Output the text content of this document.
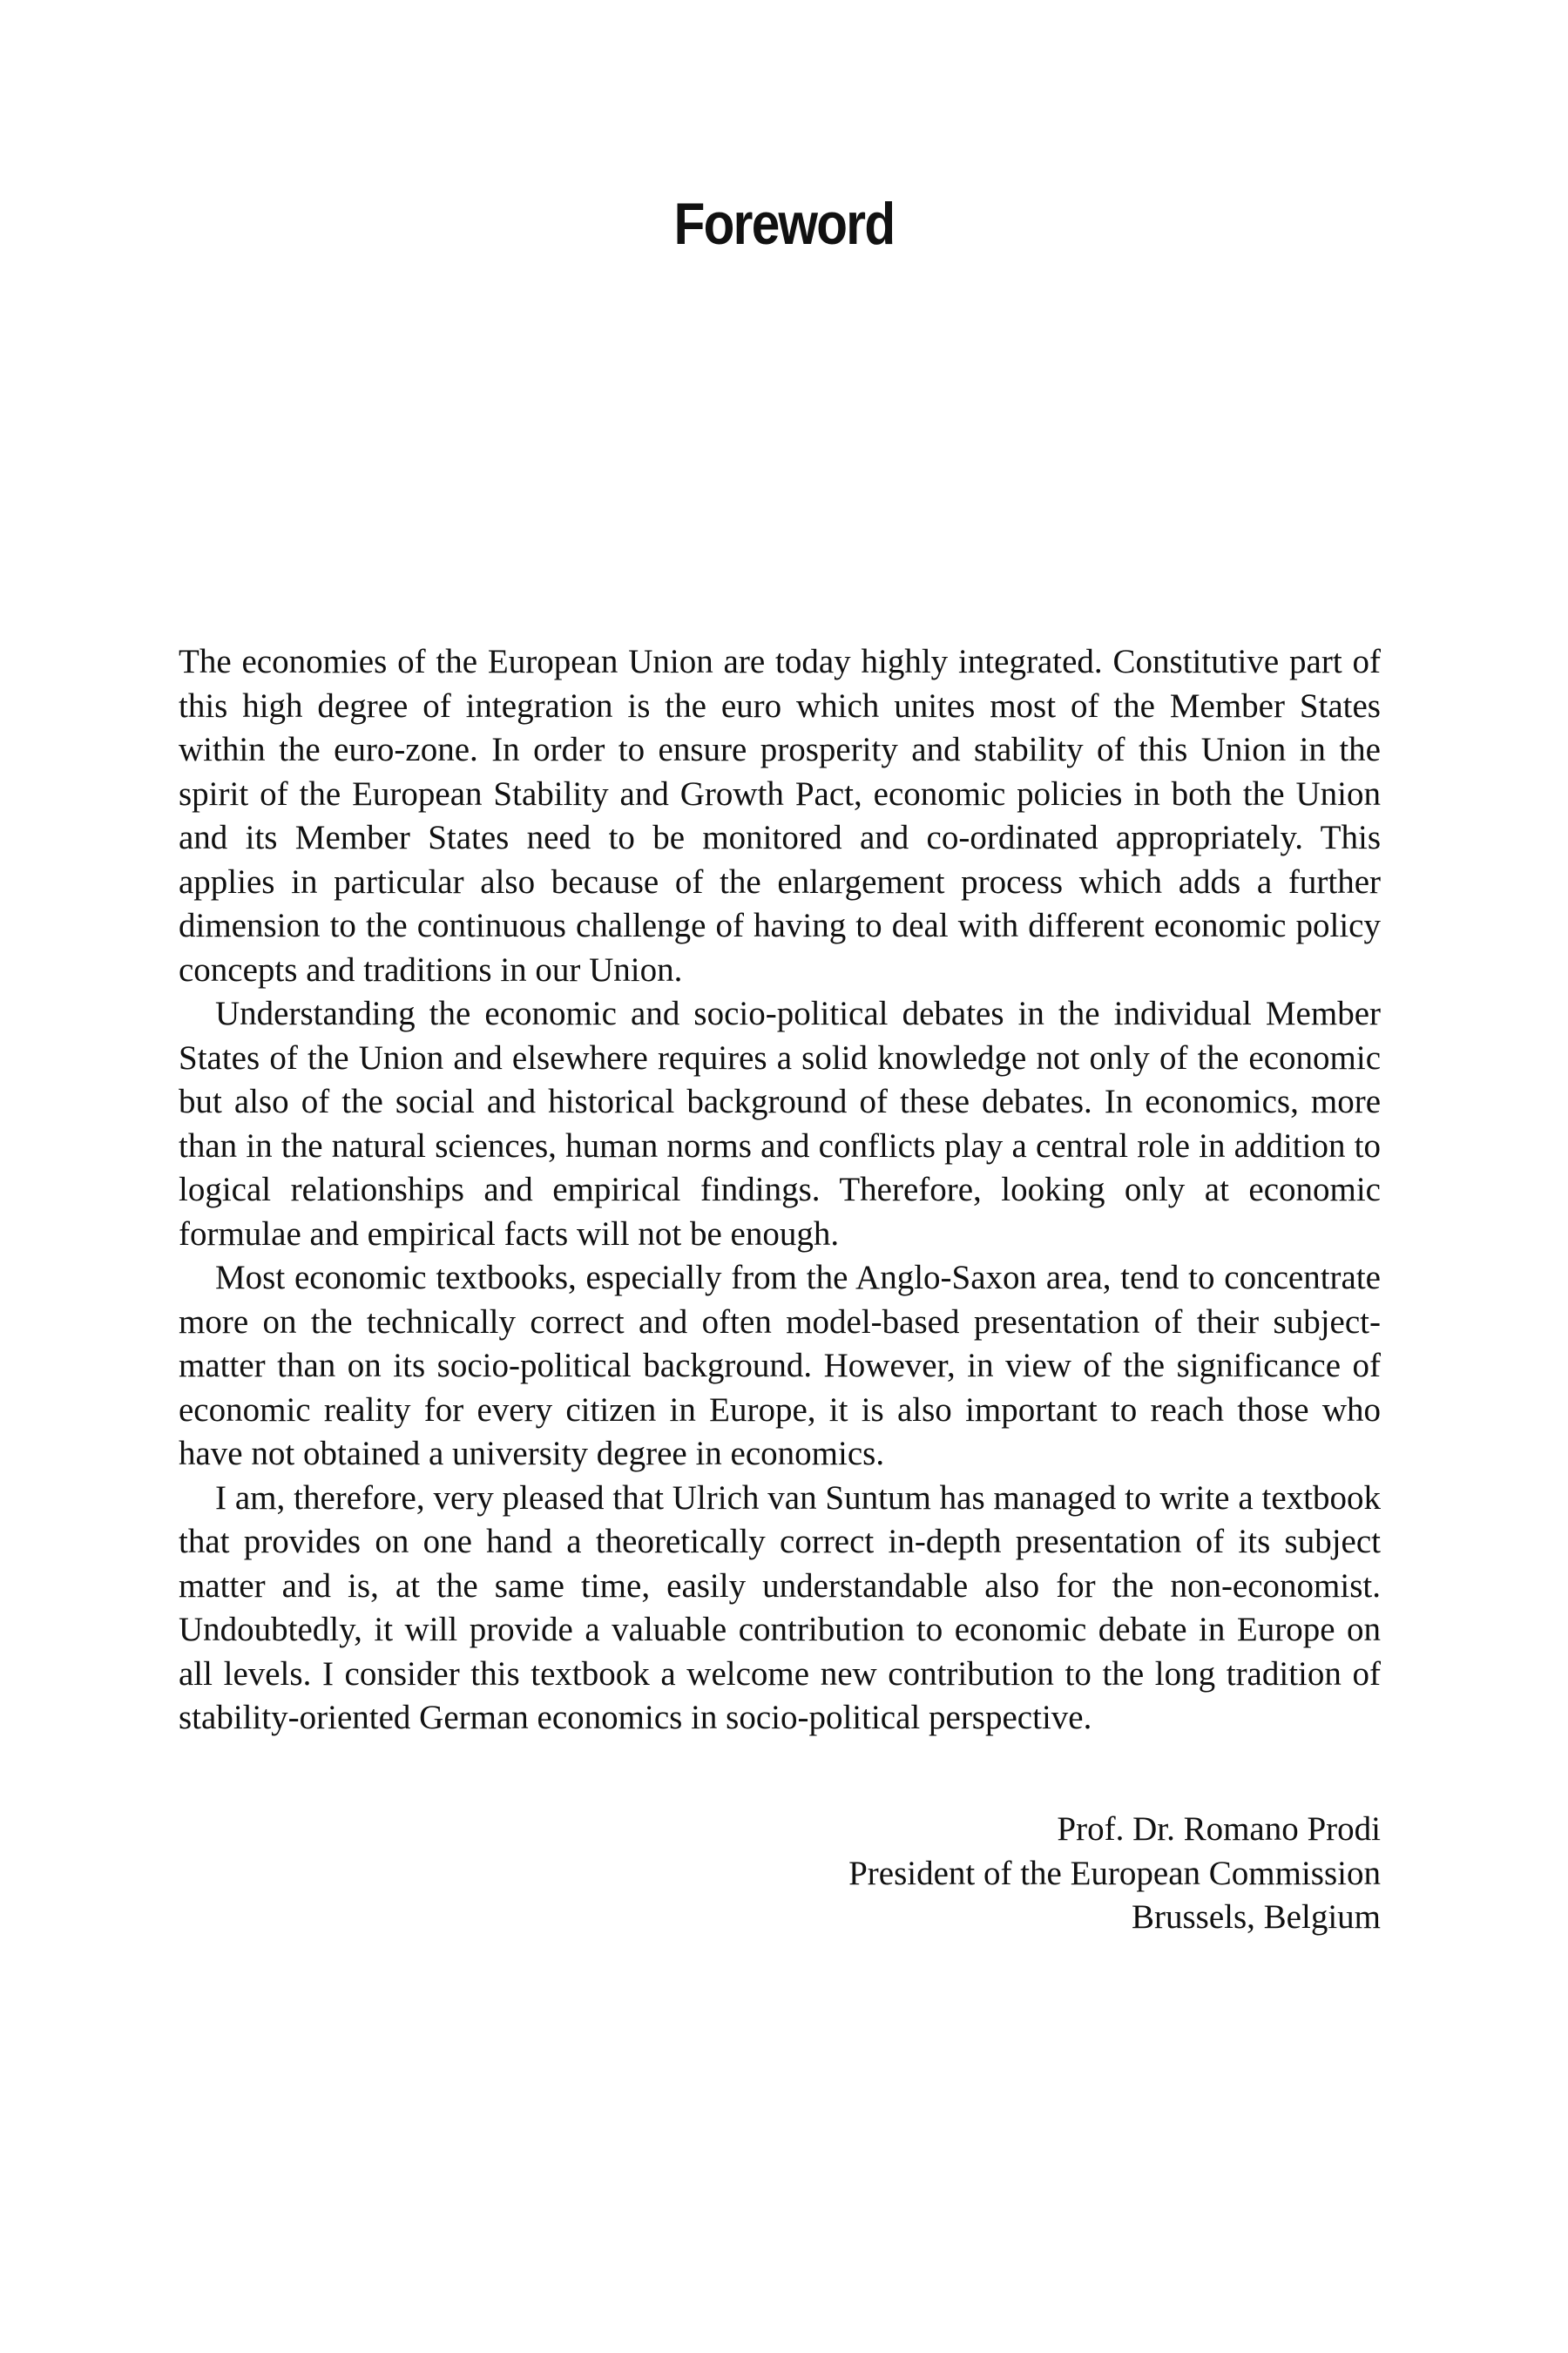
Foreword

The economies of the European Union are today highly integrated. Constitutive part of this high degree of integration is the euro which unites most of the Member States within the euro-zone. In order to ensure prosperity and stability of this Union in the spirit of the European Stability and Growth Pact, economic policies in both the Union and its Member States need to be monitored and co-ordinated appropriately. This applies in particular also because of the enlargement process which adds a further dimension to the continuous challenge of having to deal with different economic policy concepts and traditions in our Union.

Understanding the economic and socio-political debates in the individual Member States of the Union and elsewhere requires a solid knowledge not only of the economic but also of the social and historical background of these debates. In economics, more than in the natural sciences, human norms and conflicts play a central role in addition to logical relationships and empirical findings. Therefore, looking only at economic formulae and empirical facts will not be enough.

Most economic textbooks, especially from the Anglo-Saxon area, tend to concentrate more on the technically correct and often model-based presentation of their subject-matter than on its socio-political background. However, in view of the significance of economic reality for every citizen in Europe, it is also important to reach those who have not obtained a university degree in economics.

I am, therefore, very pleased that Ulrich van Suntum has managed to write a textbook that provides on one hand a theoretically correct in-depth presentation of its subject matter and is, at the same time, easily understandable also for the non-economist. Undoubtedly, it will provide a valuable contribution to economic debate in Europe on all levels. I consider this textbook a welcome new contribution to the long tradition of stability-oriented German economics in socio-political perspective.

Prof. Dr. Romano Prodi
President of the European Commission
Brussels, Belgium
